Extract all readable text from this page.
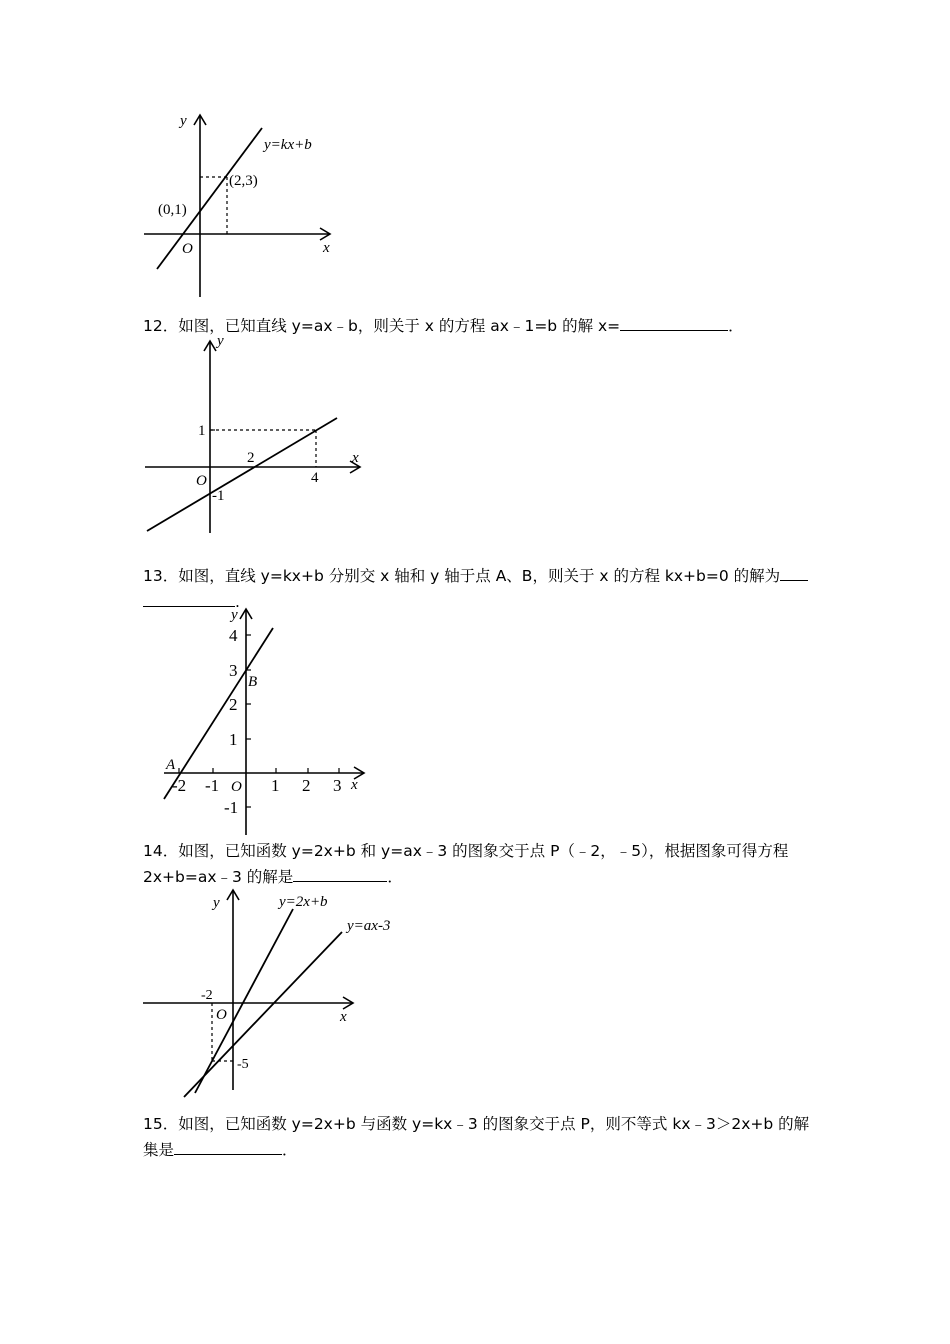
y
x
O
y=kx+b
(2,3)
(0,1)
12．如图，已知直线 y=ax﹣b，则关于 x 的方程 ax﹣1=b 的解 x=	．
y
x
O
1
2
4
-1
13．如图，直线 y=kx+b 分别交 x 轴和 y 轴于点 A、B，则关于 x 的方程 kx+b=0 的解为
.
y
x
O
4
3
2
1
-1
-2 -1	1 2 3
A
B
14．如图，已知函数 y=2x+b 和 y=ax﹣3 的图象交于点 P（﹣2，﹣5），根据图象可得方程 2x+b=ax﹣3 的解是	．
y
x
O
y=2x+b
y=ax-3
-2
-5
15．如图，已知函数 y=2x+b 与函数 y=kx﹣3 的图象交于点 P，则不等式 kx﹣3＞2x+b 的解集是	．
